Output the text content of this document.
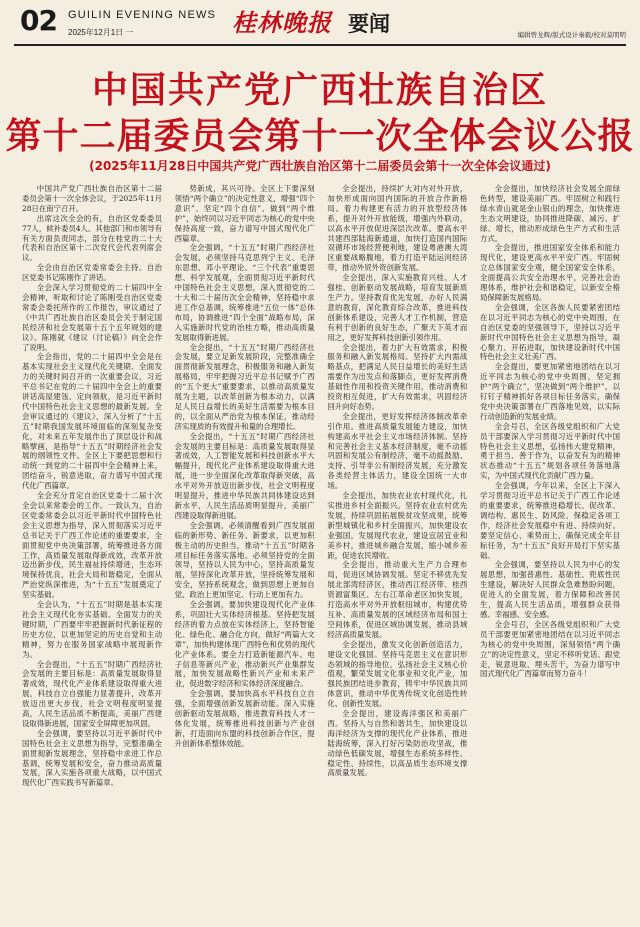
02 GUILIN EVENING NEWS
2025年12月1日 一	桂林晚报 要闻	编辑曾龙辉/版式设计秦毅/校对莫明明
中国共产党广西壮族自治区
第十二届委员会第十一次全体会议公报
(2025年11月28日中国共产党广西壮族自治区第十二届委员会第十一次全体会议通过)

中国共产党广西壮族自治区第十二届委员会第十一次全体会议，于2025年11月28日在南宁召开。

出席这次全会的有，自治区党委委员77人，候补委员4人。其他部门和市领导有有关方面负责同志，部分在桂党的二十大代表和自治区第十二次党代会代表列席会议。

全会由自治区党委常委会主持。自治区党委书记陈刚作了讲话。

全会深入学习贯彻党的二十届四中全会精神，听取和讨论了陈刚受自治区党委常委会委托所作的工作报告，审议通过了《中共广西壮族自治区委员会关于制定国民经济和社会发展第十五个五年规划的建议》。陈刚就《建议（讨论稿）》向全会作了说明。

全会指出，党的二十届四中全会是在基本实现社会主义现代化关键期、全面发力的关键时间召开的一次重要会议，习近平总书记在党的二十届四中全会上的重要讲话高屋建瓴、定向领航，是习近平新时代中国特色社会主义思想的最新发展。全会审议通过的《建议》，深入分析了“十五五”时期我国发展环境面临的深刻复杂变化，对未来五年发展作出了顶层设计和战略擘画，是指导“十五五”时期经济社会发展的纲领性文件。全区上下要把思想和行动统一到党的二十届四中全会精神上来，团结奋斗，锐意进取，奋力谱写中国式现代化广西篇章。

全会充分肯定自治区党委十二届十次全会以来常委会的工作。一致认为，自治区党委常委会以习近平新时代中国特色社会主义思想为指导，深入贯彻落实习近平总书记关于广西工作论述的重要要求，全面贯彻党中央决策部署，统筹推进各方面工作，高质量发展取得新成效，改革开放迈出新步伐，民生福祉持续增进，生态环境保持优良，社会大局和谐稳定，全面从严治党纵深推进，为“十五五”发展奠定了坚实基础。

全会认为，“十五五”时期是基本实现社会主义现代化夯实基础、全面发力的关键时期，广西要牢牢把握新时代新征程的历史方位，以更加坚定的历史自觉和主动精神，努力在服务国家战略中展现新作为。

全会提出，“十五五”时期广西经济社会发展的主要目标是：高质量发展取得显著成效，现代化产业体系建设取得重大进展，科技自立自强能力显著提升，改革开放迈出更大步伐，社会文明程度明显提高，人民生活品质不断提高，美丽广西建设取得新进展，国家安全屏障更加巩固。

全会强调，要坚持以习近平新时代中国特色社会主义思想为指导，完整准确全面贯彻新发展理念，坚持稳中求进工作总基调，统筹发展和安全，奋力推动高质量发展，深入实施各项重大战略，以中国式现代化广西实践书写新篇章。

势新成，其兴可待。全区上下要深刻领悟“两个确立”的决定性意义，增强“四个意识”、坚定“四个自信”、做到“两个维护”，始终同以习近平同志为核心的党中央保持高度一致，奋力谱写中国式现代化广西篇章。

全会强调，“十五五”时期广西经济社会发展，必须坚持马克思列宁主义、毛泽东思想、邓小平理论、“三个代表”重要思想、科学发展观，全面贯彻习近平新时代中国特色社会主义思想，深入贯彻党的二十大和二十届历次全会精神，坚持稳中求进工作总基调，统筹推进“五位一体”总体布局，协调推进“四个全面”战略布局，深入实施新时代党的治桂方略，推动高质量发展取得新进展。

全会提出，“十五五”时期广西经济社会发展，要立足新发展阶段，完整准确全面贯彻新发展理念，积极服务和融入新发展格局，牢牢把握习近平总书记赋予广西的“五个更大”重要要求，以推动高质量发展为主题，以改革创新为根本动力，以满足人民日益增长的美好生活需要为根本目的，以全面从严治党为根本保证，推动经济实现质的有效提升和量的合理增长。

全会提出，“十五五”时期广西经济社会发展的主要目标是：高质量发展取得显著成效，人工智能发展和科技创新水平大幅提升，现代化产业体系建设取得重大进展，进一步全面深化改革取得新突破，高水平对外开放迈出新步伐，社会文明程度明显提升，推进中华民族共同体建设达到新水平，人民生活品质明显提升，美丽广西建设取得新进展。

全会强调，必须清醒看到广西发展面临的新形势、新任务、新要求，以更加积极主动的历史担当，推动“十五五”时期各项目标任务落实落地。必须坚持党的全面领导，坚持以人民为中心，坚持高质量发展，坚持深化改革开放，坚持统筹发展和安全，坚持系统观念，做到思想上更加自觉、政治上更加坚定、行动上更加有力。

全会强调，要加快建设现代化产业体系，巩固壮大实体经济根基。坚持把发展经济的着力点放在实体经济上，坚持智能化、绿色化、融合化方向，做好“两篇大文章”，加快构建体现广西特色和优势的现代化产业体系。要全力打造新能源汽车、电子信息等新兴产业，推动新兴产业集群发展，加快发展战略性新兴产业和未来产业，促进数字经济和实体经济深度融合。

全会强调，要加快高水平科技自立自强，全面增强创新发展新动能。深入实施创新驱动发展战略，推进教育科技人才一体化发展，统筹推进科技创新与产业创新，打造面向东盟的科技创新合作区，提升创新体系整体效能。

全会提出，持续扩大对内对外开放，加快形成面向国内国际的开放合作新格局。着力构建更有活力的开放型经济体系，提升对外开放能级，增强内外联动，以高水平开放促进深层次改革。要高水平共建西部陆海新通道，加快打造国内国际双循环市场经营便利地，建设粤港澳大湾区重要战略腹地，着力打造平陆运河经济带，推动外贸外资创新发展。

全会提出，深入实施教育兴桂、人才强桂、创新驱动发展战略，培育发展新质生产力。坚持教育优先发展，办好人民满意的教育，深化教育综合改革，推进科技创新体系建设，完善人才工作机制，营造有利于创新的良好生态，广聚天下英才而用之，更好发挥科技创新引领作用。

全会提出，着力扩大有效需求，积极服务和融入新发展格局。坚持扩大内需战略基点，把满足人民日益增长的美好生活需要作为出发点和落脚点，更好发挥消费基础性作用和投资关键作用，推动消费和投资相互促进，扩大有效需求，巩固经济回升向好态势。

全会提出，更好发挥经济体制改革牵引作用。推进高质量发展能力建设，加快构建高水平社会主义市场经济体制。坚持和完善社会主义基本经济制度，毫不动摇巩固和发展公有制经济，毫不动摇鼓励、支持、引导非公有制经济发展，充分激发各类经营主体活力，建设全国统一大市场。

全会提出，加快农业农村现代化，扎实推进乡村全面振兴。坚持农业农村优先发展，持续巩固拓展脱贫攻坚成果，统筹新型城镇化和乡村全面振兴，加快建设农业强国，发展现代农业，建设宜居宜业和美乡村，推进城乡融合发展，缩小城乡差距，促进农民增收。

全会提出，推动重大生产力合理布局，促进区域协调发展。坚定不移优先发展北部湾经济区，推动西江经济带、桂西资源富集区、左右江革命老区加快发展，打造高水平对外开放枢纽城市，构建优势互补、高质量发展的区域经济布局和国土空间体系，促进区域协调发展，推动县域经济高质量发展。

全会提出，激发文化创新创造活力，建设文化强国。坚持马克思主义在意识形态领域的指导地位，弘扬社会主义核心价值观，繁荣发展文化事业和文化产业，加强民族团结进步教育，铸牢中华民族共同体意识，推动中华优秀传统文化创造性转化、创新性发展。

全会提出，建设海洋强区和美丽广西。坚持人与自然和谐共生，加快建设以海洋经济为支撑的现代化产业体系，推进陆海统筹，深入打好污染防治攻坚战，推动绿色低碳发展，增强生态系统多样性、稳定性、持续性，以高品质生态环境支撑高质量发展。

全会提出，加快经济社会发展全面绿色转型，建设美丽广西。牢固树立和践行绿水青山就是金山银山的理念，加快推进生态文明建设，协同推进降碳、减污、扩绿、增长，推动形成绿色生产方式和生活方式。

全会提出，推进国家安全体系和能力现代化，建设更高水平平安广西。牢固树立总体国家安全观，健全国家安全体系，全面提高公共安全治理水平，完善社会治理体系，维护社会和谐稳定，以新安全格局保障新发展格局。

全会强调，全区各族人民要紧密团结在以习近平同志为核心的党中央周围，在自治区党委的坚强领导下，坚持以习近平新时代中国特色社会主义思想为指导，凝心聚力、开拓进取，加快建设新时代中国特色社会主义壮美广西。

全会提出，要更加紧密地团结在以习近平同志为核心的党中央周围，坚定拥护“两个确立”，坚决做到“两个维护”，以钉钉子精神抓好各项目标任务落实，确保党中央决策部署在广西落地见效，以实际行动创造新的发展业绩。

全会号召，全区各级党组织和广大党员干部要深入学习贯彻习近平新时代中国特色社会主义思想，弘扬伟大建党精神，勇于担当、善于作为，以奋发有为的精神状态推动“十五五”规划各项任务落地落实，为中国式现代化贡献广西力量。

全会强调，今年以来，全区上下深入学习贯彻习近平总书记关于广西工作论述的重要要求，统筹推进稳增长、促改革、调结构、惠民生、防风险、保稳定各项工作，经济社会发展稳中有进、持续向好。要坚定信心、乘势而上，确保完成全年目标任务，为“十五五”良好开局打下坚实基础。

全会强调，要坚持以人民为中心的发展思想，加强普惠性、基础性、兜底性民生建设，解决好人民群众急难愁盼问题，促进人的全面发展，着力保障和改善民生，提高人民生活品质，增强群众获得感、幸福感、安全感。

全会号召，全区各级党组织和广大党员干部要更加紧密地团结在以习近平同志为核心的党中央周围，深刻领悟“两个确立”的决定性意义，坚定不移听党话、跟党走，锐意进取、埋头苦干，为奋力谱写中国式现代化广西篇章而努力奋斗！
